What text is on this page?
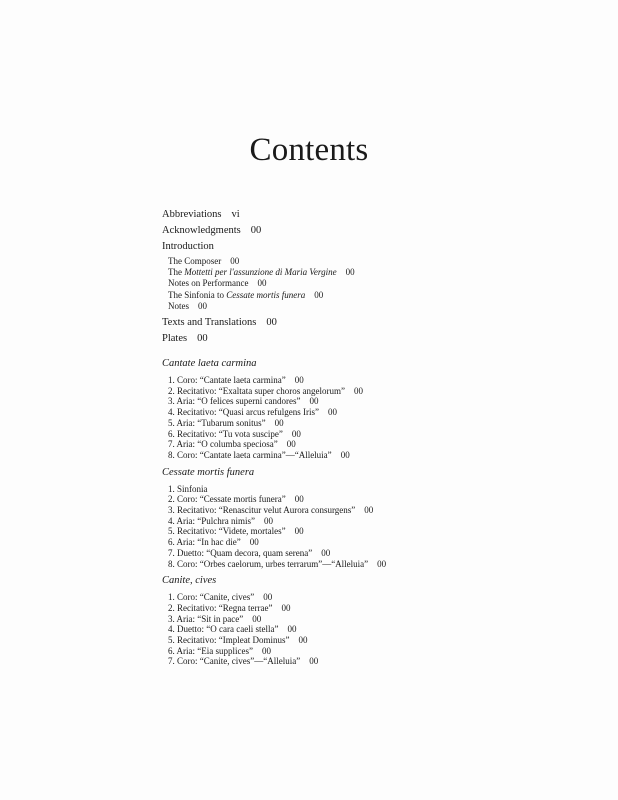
Contents
Abbreviations vi
Acknowledgments 00
Introduction
The Composer 00
The Mottetti per l'assunzione di Maria Vergine 00
Notes on Performance 00
The Sinfonia to Cessate mortis funera 00
Notes 00
Texts and Translations 00
Plates 00
Cantate laeta carmina
1. Coro: “Cantate laeta carmina” 00
2. Recitativo: “Exaltata super choros angelorum” 00
3. Aria: “O felices superni candores” 00
4. Recitativo: “Quasi arcus refulgens Iris” 00
5. Aria: “Tubarum sonitus” 00
6. Recitativo: “Tu vota suscipe” 00
7. Aria: “O columba speciosa” 00
8. Coro: “Cantate laeta carmina”—“Alleluia” 00
Cessate mortis funera
1. Sinfonia
2. Coro: “Cessate mortis funera” 00
3. Recitativo: “Renascitur velut Aurora consurgens” 00
4. Aria: “Pulchra nimis” 00
5. Recitativo: “Videte, mortales” 00
6. Aria: “In hac die” 00
7. Duetto: “Quam decora, quam serena” 00
8. Coro: “Orbes caelorum, urbes terrarum”—“Alleluia” 00
Canite, cives
1. Coro: “Canite, cives” 00
2. Recitativo: “Regna terrae” 00
3. Aria: “Sit in pace” 00
4. Duetto: “O cara caeli stella” 00
5. Recitativo: “Impleat Dominus” 00
6. Aria: “Eia supplices” 00
7. Coro: “Canite, cives”—“Alleluia” 00
